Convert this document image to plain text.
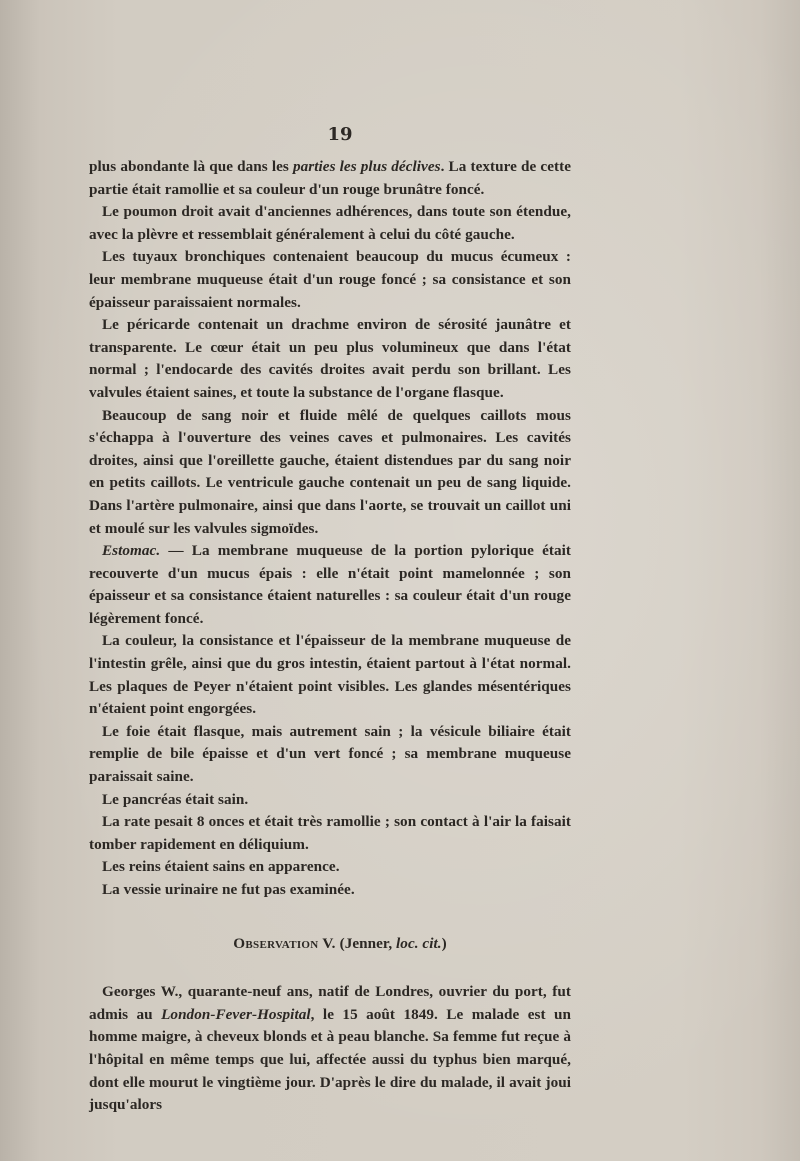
19

plus abondante là que dans les parties les plus déclives. La texture de cette partie était ramollie et sa couleur d'un rouge brunâtre foncé.

Le poumon droit avait d'anciennes adhérences, dans toute son étendue, avec la plèvre et ressemblait généralement à celui du côté gauche.

Les tuyaux bronchiques contenaient beaucoup du mucus écumeux : leur membrane muqueuse était d'un rouge foncé ; sa consistance et son épaisseur paraissaient normales.

Le péricarde contenait un drachme environ de sérosité jaunâtre et transparente. Le cœur était un peu plus volumineux que dans l'état normal ; l'endocarde des cavités droites avait perdu son brillant. Les valvules étaient saines, et toute la substance de l'organe flasque.

Beaucoup de sang noir et fluide mêlé de quelques caillots mous s'échappa à l'ouverture des veines caves et pulmonaires. Les cavités droites, ainsi que l'oreillette gauche, étaient distendues par du sang noir en petits caillots. Le ventricule gauche contenait un peu de sang liquide. Dans l'artère pulmonaire, ainsi que dans l'aorte, se trouvait un caillot uni et moulé sur les valvules sigmoïdes.

Estomac. — La membrane muqueuse de la portion pylorique était recouverte d'un mucus épais : elle n'était point mamelonnée ; son épaisseur et sa consistance étaient naturelles : sa couleur était d'un rouge légèrement foncé.

La couleur, la consistance et l'épaisseur de la membrane muqueuse de l'intestin grêle, ainsi que du gros intestin, étaient partout à l'état normal. Les plaques de Peyer n'étaient point visibles. Les glandes mésentériques n'étaient point engorgées.

Le foie était flasque, mais autrement sain ; la vésicule biliaire était remplie de bile épaisse et d'un vert foncé ; sa membrane muqueuse paraissait saine.

Le pancréas était sain.

La rate pesait 8 onces et était très ramollie ; son contact à l'air la faisait tomber rapidement en déliquium.

Les reins étaient sains en apparence.

La vessie urinaire ne fut pas examinée.

Observation V. (Jenner, loc. cit.)

Georges W., quarante-neuf ans, natif de Londres, ouvrier du port, fut admis au London-Fever-Hospital, le 15 août 1849. Le malade est un homme maigre, à cheveux blonds et à peau blanche. Sa femme fut reçue à l'hôpital en même temps que lui, affectée aussi du typhus bien marqué, dont elle mourut le vingtième jour. D'après le dire du malade, il avait joui jusqu'alors
